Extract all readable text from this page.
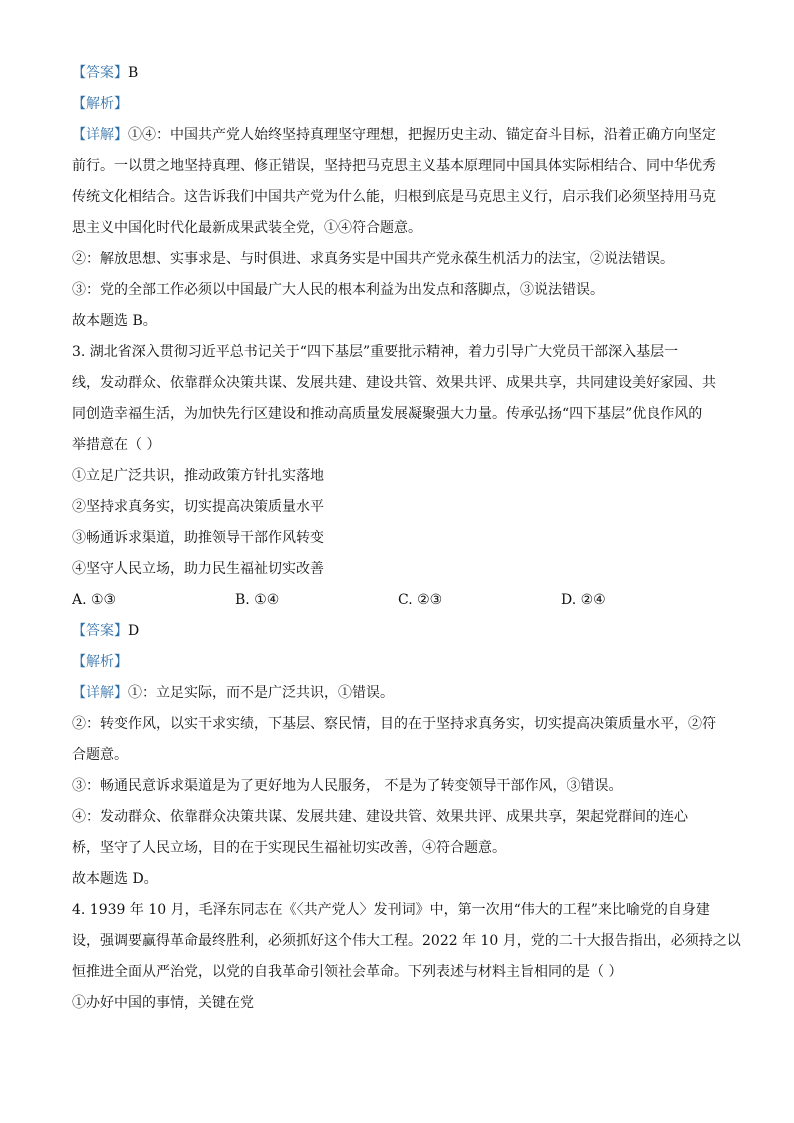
【答案】B
【解析】
【详解】①④：中国共产党人始终坚持真理坚守理想，把握历史主动、锚定奋斗目标，沿着正确方向坚定
前行。一以贯之地坚持真理、修正错误，坚持把马克思主义基本原理同中国具体实际相结合、同中华优秀
传统文化相结合。这告诉我们中国共产党为什么能，归根到底是马克思主义行，启示我们必须坚持用马克
思主义中国化时代化最新成果武装全党，①④符合题意。
②：解放思想、实事求是、与时俱进、求真务实是中国共产党永葆生机活力的法宝，②说法错误。
③：党的全部工作必须以中国最广大人民的根本利益为出发点和落脚点，③说法错误。
故本题选 B。
3. 湖北省深入贯彻习近平总书记关于“四下基层”重要批示精神，着力引导广大党员干部深入基层一
线，发动群众、依靠群众决策共谋、发展共建、建设共管、效果共评、成果共享，共同建设美好家园、共
同创造幸福生活，为加快先行区建设和推动高质量发展凝聚强大力量。传承弘扬“四下基层”优良作风的
举措意在（ ）
①立足广泛共识，推动政策方针扎实落地
②坚持求真务实，切实提高决策质量水平
③畅通诉求渠道，助推领导干部作风转变
④坚守人民立场，助力民生福祉切实改善
A. ①③	B. ①④	C. ②③	D. ②④
【答案】D
【解析】
【详解】①：立足实际，而不是广泛共识，①错误。
②：转变作风，以实干求实绩，下基层、察民情，目的在于坚持求真务实，切实提高决策质量水平，②符
合题意。
③：畅通民意诉求渠道是为了更好地为人民服务， 不是为了转变领导干部作风，③错误。
④：发动群众、依靠群众决策共谋、发展共建、建设共管、效果共评、成果共享，架起党群间的连心
桥，坚守了人民立场，目的在于实现民生福祉切实改善，④符合题意。
故本题选 D。
4. 1939 年 10 月，毛泽东同志在《〈共产党人〉发刊词》中，第一次用“伟大的工程”来比喻党的自身建
设，强调要赢得革命最终胜利，必须抓好这个伟大工程。2022 年 10 月，党的二十大报告指出，必须持之以
恒推进全面从严治党，以党的自我革命引领社会革命。下列表述与材料主旨相同的是（ ）
①办好中国的事情，关键在党
